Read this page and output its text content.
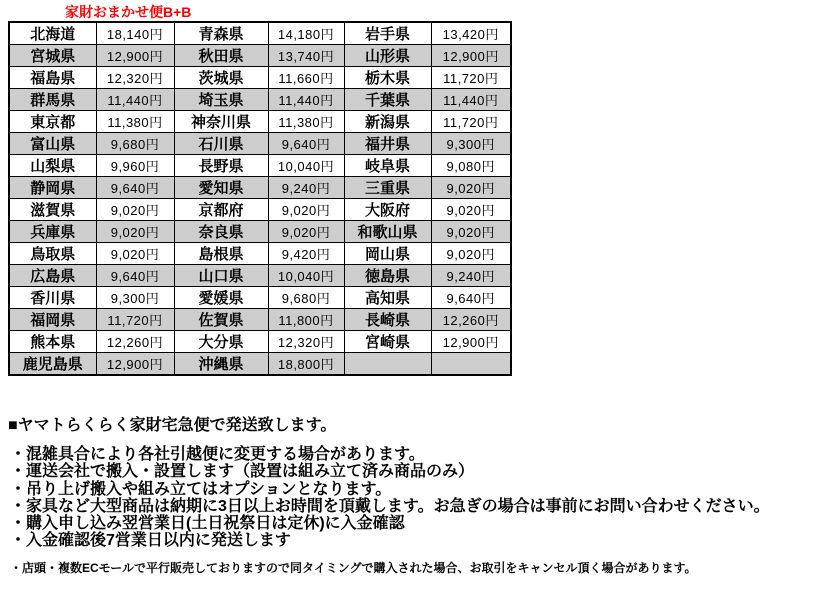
家財おまかせ便B+B
北海道	18,140円	青森県	14,180円	岩手県	13,420円
宮城県	12,900円	秋田県	13,740円	山形県	12,900円
福島県	12,320円	茨城県	11,660円	栃木県	11,720円
群馬県	11,440円	埼玉県	11,440円	千葉県	11,440円
東京都	11,380円	神奈川県	11,380円	新潟県	11,720円
富山県	9,680円	石川県	9,640円	福井県	9,300円
山梨県	9,960円	長野県	10,040円	岐阜県	9,080円
静岡県	9,640円	愛知県	9,240円	三重県	9,020円
滋賀県	9,020円	京都府	9,020円	大阪府	9,020円
兵庫県	9,020円	奈良県	9,020円	和歌山県	9,020円
鳥取県	9,020円	島根県	9,420円	岡山県	9,020円
広島県	9,640円	山口県	10,040円	徳島県	9,240円
香川県	9,300円	愛媛県	9,680円	高知県	9,640円
福岡県	11,720円	佐賀県	11,800円	長崎県	12,260円
熊本県	12,260円	大分県	12,320円	宮崎県	12,900円
鹿児島県	12,900円	沖縄県	18,800円		

■ヤマトらくらく家財宅急便で発送致します。

・混雑具合により各社引越便に変更する場合があります。
・運送会社で搬入・設置します（設置は組み立て済み商品のみ）
・吊り上げ搬入や組み立てはオプションとなります。
・家具など大型商品は納期に3日以上お時間を頂戴します。お急ぎの場合は事前にお問い合わせください。
・購入申し込み翌営業日(土日祝祭日は定休)に入金確認
・入金確認後7営業日以内に発送します
・店頭・複数ECモールで平行販売しておりますので同タイミングで購入された場合、お取引をキャンセル頂く場合があります。
